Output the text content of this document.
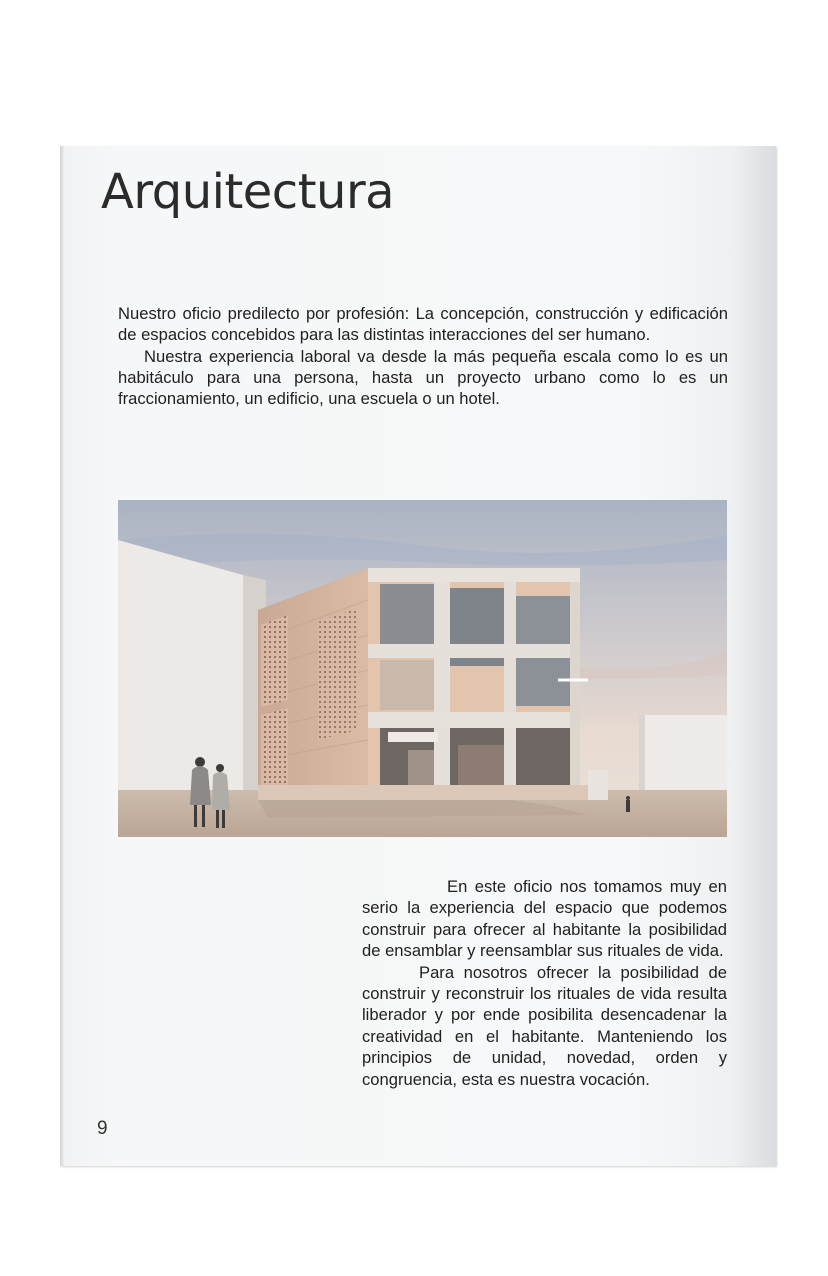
Arquitectura

Nuestro oficio predilecto por profesión: La concepción, construcción y edificación de espacios concebidos para las distintas interacciones del ser humano.

Nuestra experiencia laboral va desde la más pequeña escala como lo es un habitáculo para una persona, hasta un proyecto urbano como lo es un fraccionamiento, un edificio, una escuela o un hotel.

En este oficio nos tomamos muy en serio la experiencia del espacio que podemos construir para ofrecer al habitante la posibilidad de ensamblar y reensamblar sus rituales de vida.

Para nosotros ofrecer la posibilidad de construir y reconstruir los rituales de vida resulta liberador y por ende posibilita desencadenar la creatividad en el habitante. Manteniendo los principios de unidad, novedad, orden y congruencia, esta es nuestra vocación.

9
